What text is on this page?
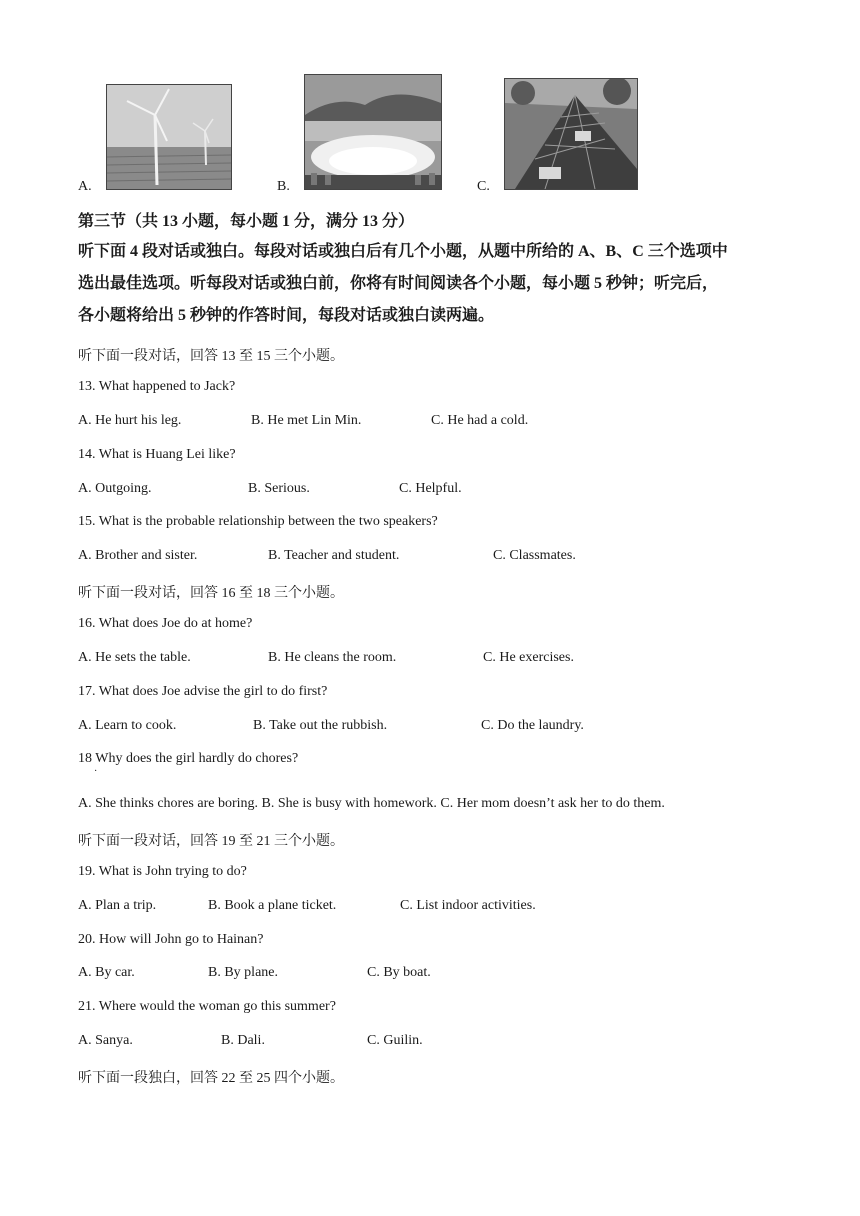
A.	B.	C.
第三节（共 13 小题，每小题 1 分，满分 13 分）
听下面 4 段对话或独白。每段对话或独白后有几个小题，从题中所给的 A、B、C 三个选项中
选出最佳选项。听每段对话或独白前，你将有时间阅读各个小题，每小题 5 秒钟；听完后，
各小题将给出 5 秒钟的作答时间，每段对话或独白读两遍。
听下面一段对话，回答 13 至 15 三个小题。
13. What happened to Jack?
A. He hurt his leg.	B. He met Lin Min.	C. He had a cold.
14. What is Huang Lei like?
A. Outgoing.	B. Serious.	C. Helpful.
15. What is the probable relationship between the two speakers?
A. Brother and sister.	B. Teacher and student.	C. Classmates.
听下面一段对话，回答 16 至 18 三个小题。
16. What does Joe do at home?
A. He sets the table.	B. He cleans the room.	C. He exercises.
17. What does Joe advise the girl to do first?
A. Learn to cook.	B. Take out the rubbish.	C. Do the laundry.
18 Why does the girl hardly do chores?
·
A. She thinks chores are boring. B. She is busy with homework. C. Her mom doesn’t ask her to do them.
听下面一段对话，回答 19 至 21 三个小题。
19. What is John trying to do?
A. Plan a trip.	B. Book a plane ticket.	C. List indoor activities.
20. How will John go to Hainan?
A. By car.	B. By plane.	C. By boat.
21. Where would the woman go this summer?
A. Sanya.	B. Dali.	C. Guilin.
听下面一段独白，回答 22 至 25 四个小题。
